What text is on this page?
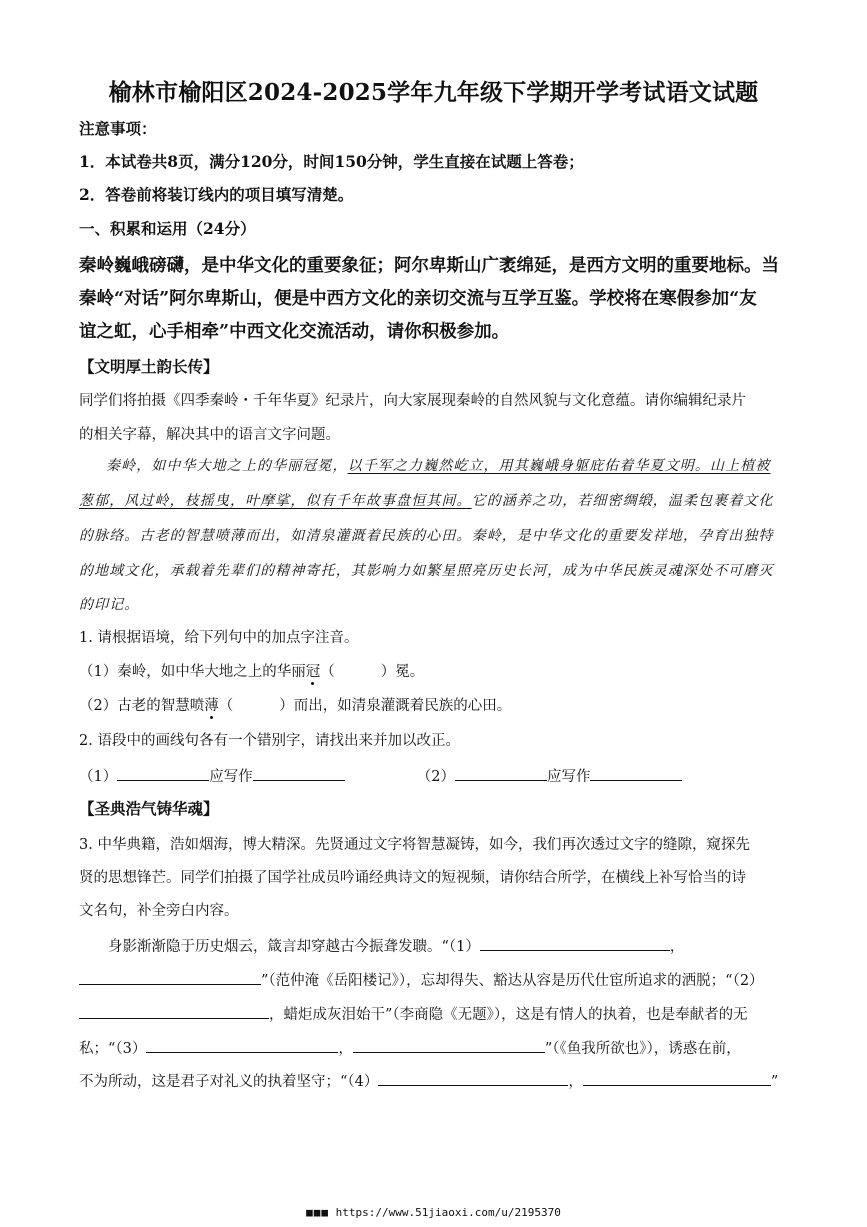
榆林市榆阳区2024-2025学年九年级下学期开学考试语文试题
注意事项：
1．本试卷共8页，满分120分，时间150分钟，学生直接在试题上答卷；
2．答卷前将装订线内的项目填写清楚。
一、积累和运用（24分）
秦岭巍峨磅礴，是中华文化的重要象征；阿尔卑斯山广袤绵延，是西方文明的重要地标。当
秦岭“对话”阿尔卑斯山，便是中西方文化的亲切交流与互学互鉴。学校将在寒假参加“友
谊之虹，心手相牵”中西文化交流活动，请你积极参加。
【文明厚土韵长传】
同学们将拍摄《四季秦岭・千年华夏》纪录片，向大家展现秦岭的自然风貌与文化意蕴。请你编辑纪录片
的相关字幕，解决其中的语言文字问题。
秦岭，如中华大地之上的华丽冠冕，以千军之力巍然屹立，用其巍峨身躯庇佑着华夏文明。山上植被
葱郁，风过岭，枝摇曳，叶摩挲，似有千年故事盘恒其间。它的涵养之功，若细密绸缎，温柔包裹着文化
的脉络。古老的智慧喷薄而出，如清泉灌溉着民族的心田。秦岭，是中华文化的重要发祥地，孕育出独特
的地域文化，承载着先辈们的精神寄托，其影响力如繁星照亮历史长河，成为中华民族灵魂深处不可磨灭
的印记。
1. 请根据语境，给下列句中的加点字注音。
（1）秦岭，如中华大地之上的华丽冠（	）冕。
（2）古老的智慧喷薄（	）而出，如清泉灌溉着民族的心田。
2. 语段中的画线句各有一个错别字，请找出来并加以改正。
（1）	应写作	（2）	应写作
【圣典浩气铸华魂】
3. 中华典籍，浩如烟海，博大精深。先贤通过文字将智慧凝铸，如今，我们再次透过文字的缝隙，窥探先
贤的思想锋芒。同学们拍摄了国学社成员吟诵经典诗文的短视频，请你结合所学，在横线上补写恰当的诗
文名句，补全旁白内容。
身影渐渐隐于历史烟云，箴言却穿越古今振聋发聩。“（1）	，
”（范仲淹《岳阳楼记》），忘却得失、豁达从容是历代仕宦所追求的洒脱；“（2）
，蜡炬成灰泪始干”（李商隐《无题》），这是有情人的执着，也是奉献者的无
私；“（3）	，	”（《鱼我所欲也》），诱惑在前，
不为所动，这是君子对礼义的执着坚守；“（4）	，	”
■■■ https://www.51jiaoxi.com/u/2195370
